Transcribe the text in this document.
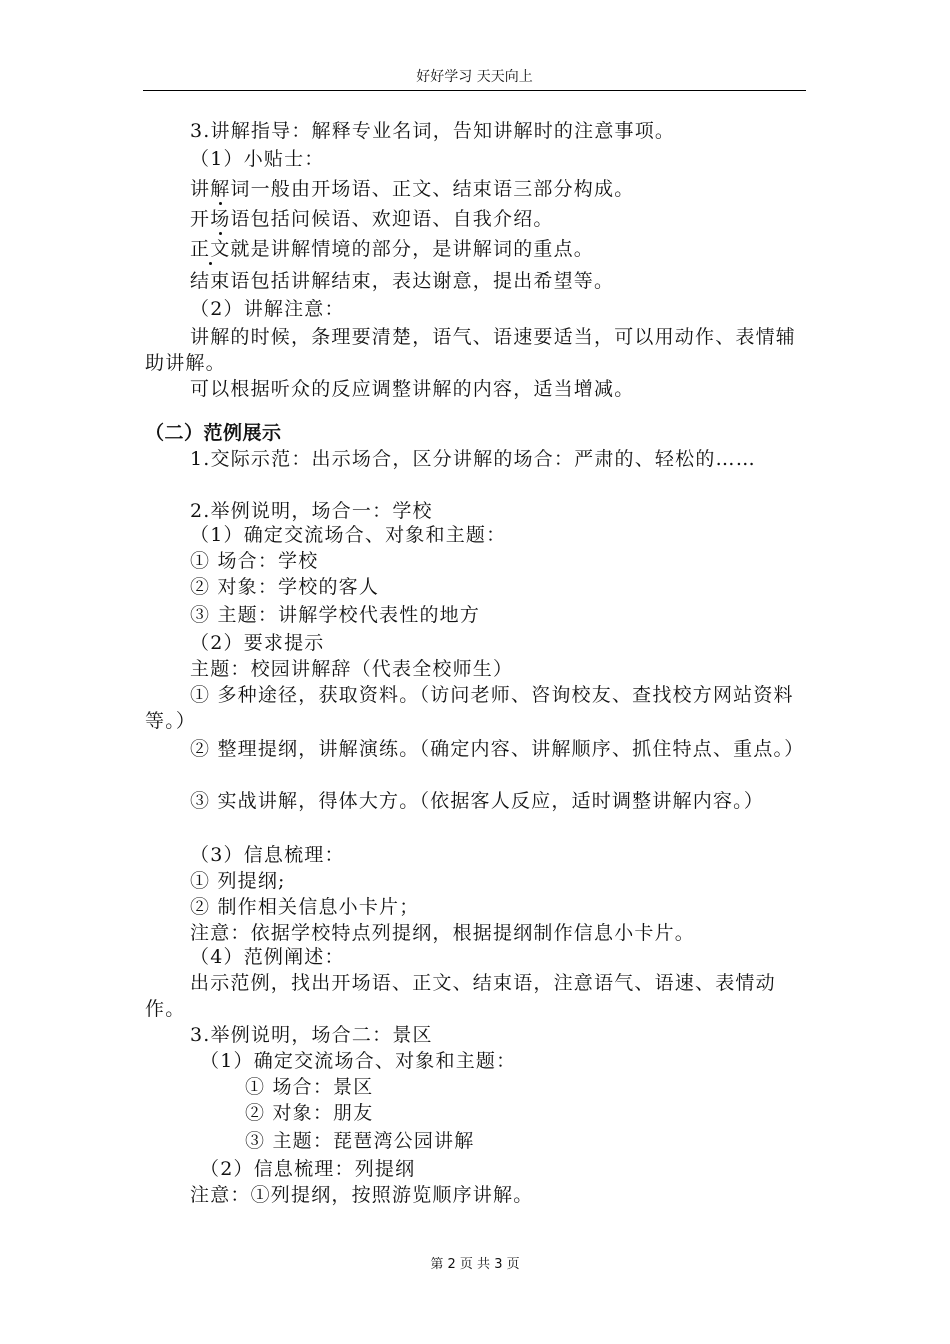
好好学习 天天向上
3.讲解指导：解释专业名词，告知讲解时的注意事项。
（1）小贴士：
讲解词一般由开场语、正文、结束语三部分构成。
开场语包括问候语、欢迎语、自我介绍。
正文就是讲解情境的部分，是讲解词的重点。
结束语包括讲解结束，表达谢意，提出希望等。
（2）讲解注意：
讲解的时候，条理要清楚，语气、语速要适当，可以用动作、表情辅助讲解。
可以根据听众的反应调整讲解的内容，适当增减。
（二）范例展示
1.交际示范：出示场合，区分讲解的场合：严肃的、轻松的……
2.举例说明，场合一：学校
（1）确定交流场合、对象和主题：
① 场合：学校
② 对象：学校的客人
③ 主题：讲解学校代表性的地方
（2）要求提示
主题：校园讲解辞（代表全校师生）
① 多种途径，获取资料。（访问老师、咨询校友、查找校方网站资料等。）
② 整理提纲，讲解演练。（确定内容、讲解顺序、抓住特点、重点。）
③ 实战讲解，得体大方。（依据客人反应，适时调整讲解内容。）
（3）信息梳理：
① 列提纲;
② 制作相关信息小卡片；
注意：依据学校特点列提纲，根据提纲制作信息小卡片。
（4）范例阐述：
出示范例，找出开场语、正文、结束语，注意语气、语速、表情动作。
3.举例说明，场合二：景区
（1）确定交流场合、对象和主题：
① 场合：景区
② 对象：朋友
③ 主题：琵琶湾公园讲解
（2）信息梳理：列提纲
注意：①列提纲，按照游览顺序讲解。
第 2 页 共 3 页
